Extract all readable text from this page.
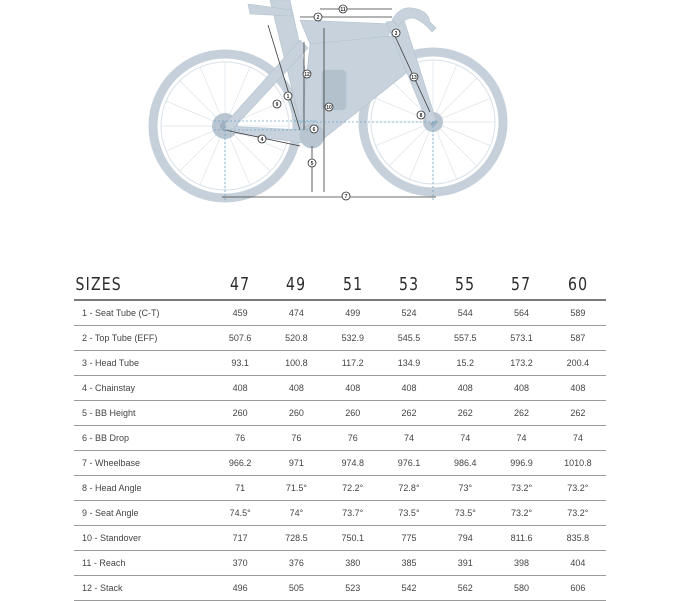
1
2
3
4
5
6
7
8
9	10
11
12	13
SIZES	47	49	51	53	55	57	60
1 - Seat Tube (C-T)	459	474	499	524	544	564	589
2 - Top Tube (EFF)	507.6	520.8	532.9	545.5	557.5	573.1	587
3 - Head Tube	93.1	100.8	117.2	134.9	15.2	173.2	200.4
4 - Chainstay	408	408	408	408	408	408	408
5 - BB Height	260	260	260	262	262	262	262
6 - BB Drop	76	76	76	74	74	74	74
7 - Wheelbase	966.2	971	974.8	976.1	986.4	996.9	1010.8
8 - Head Angle	71	71.5°	72.2°	72.8°	73°	73.2°	73.2°
9 - Seat Angle	74.5°	74°	73.7°	73.5°	73.5°	73.2°	73.2°
10 - Standover	717	728.5	750.1	775	794	811.6	835.8
11 - Reach	370	376	380	385	391	398	404
12 - Stack	496	505	523	542	562	580	606
